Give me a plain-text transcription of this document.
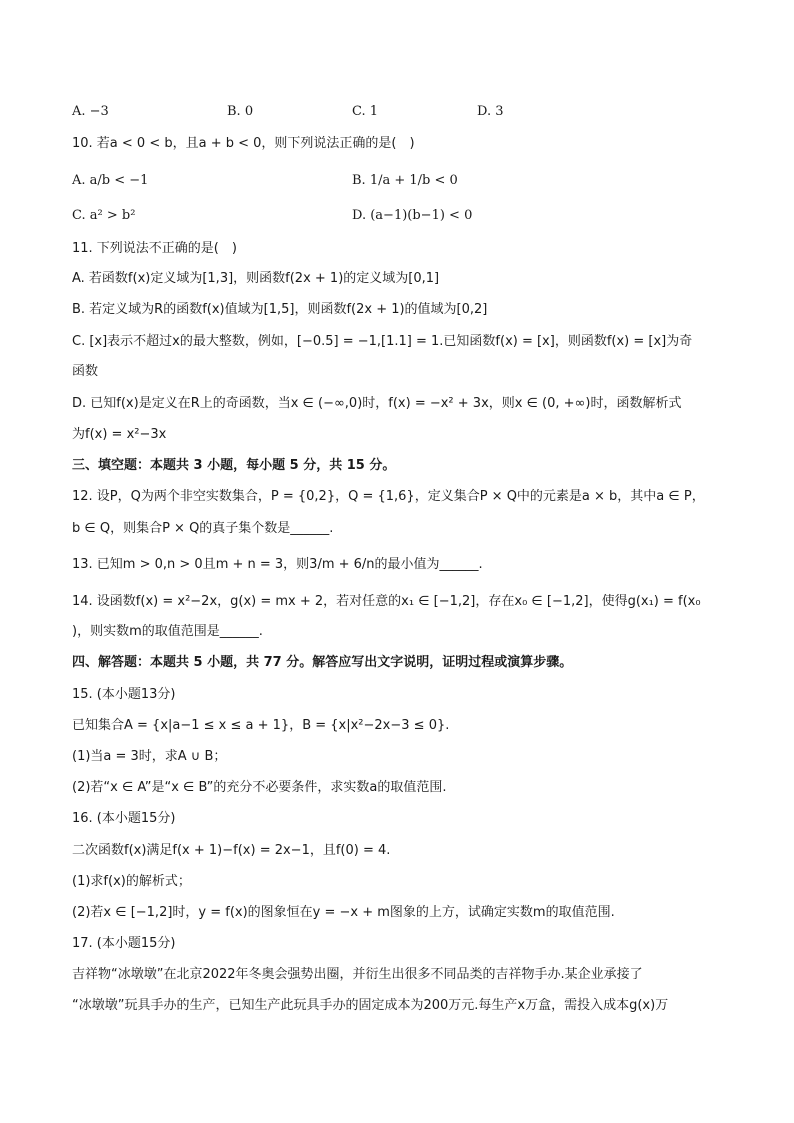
A. −3	B. 0	C. 1	D. 3
10. 若a < 0 < b，且a + b < 0，则下列说法正确的是(　)
A. a/b < −1	B. 1/a + 1/b < 0
C. a² > b²	D. (a−1)(b−1) < 0
11. 下列说法不正确的是(　)
A. 若函数f(x)定义域为[1,3]，则函数f(2x + 1)的定义域为[0,1]
B. 若定义域为R的函数f(x)值域为[1,5]，则函数f(2x + 1)的值域为[0,2]
C. [x]表示不超过x的最大整数，例如，[−0.5] = −1,[1.1] = 1.已知函数f(x) = [x]，则函数f(x) = [x]为奇
函数
D. 已知f(x)是定义在R上的奇函数，当x ∈ (−∞,0)时，f(x) = −x² + 3x，则x ∈ (0, +∞)时，函数解析式
为f(x) = x²−3x
三、填空题：本题共 3 小题，每小题 5 分，共 15 分。
12. 设P，Q为两个非空实数集合，P = {0,2}，Q = {1,6}，定义集合P × Q中的元素是a × b，其中a ∈ P，
b ∈ Q，则集合P × Q的真子集个数是______.
13. 已知m > 0,n > 0且m + n = 3，则3/m + 6/n的最小值为______.
14. 设函数f(x) = x²−2x，g(x) = mx + 2，若对任意的x₁ ∈ [−1,2]，存在x₀ ∈ [−1,2]，使得g(x₁) = f(x₀
)，则实数m的取值范围是______.
四、解答题：本题共 5 小题，共 77 分。解答应写出文字说明，证明过程或演算步骤。
15. (本小题13分)
已知集合A = {x|a−1 ≤ x ≤ a + 1}，B = {x|x²−2x−3 ≤ 0}.
(1)当a = 3时，求A ∪ B；
(2)若“x ∈ A”是“x ∈ B”的充分不必要条件，求实数a的取值范围.
16. (本小题15分)
二次函数f(x)满足f(x + 1)−f(x) = 2x−1，且f(0) = 4.
(1)求f(x)的解析式；
(2)若x ∈ [−1,2]时，y = f(x)的图象恒在y = −x + m图象的上方，试确定实数m的取值范围.
17. (本小题15分)
吉祥物“冰墩墩”在北京2022年冬奥会强势出圈，并衍生出很多不同品类的吉祥物手办.某企业承接了
“冰墩墩”玩具手办的生产，已知生产此玩具手办的固定成本为200万元.每生产x万盒，需投入成本g(x)万
